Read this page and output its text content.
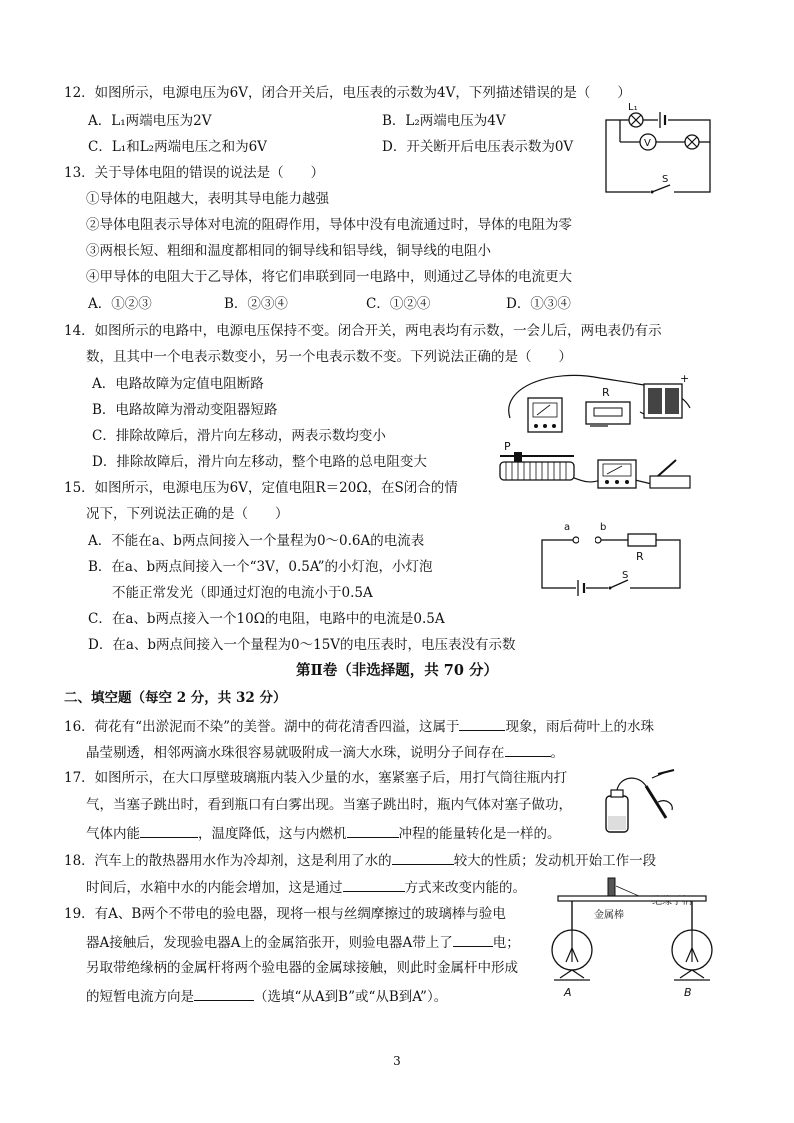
12．如图所示，电源电压为6V，闭合开关后，电压表的示数为4V，下列描述错误的是（　　）
A．L₁两端电压为2V	B．L₂两端电压为4V
C．L₁和L₂两端电压之和为6V	D．开关断开后电压表示数为0V
L₁
V
S
13．关于导体电阻的错误的说法是（　　）
①导体的电阻越大，表明其导电能力越强
②导体电阻表示导体对电流的阻碍作用，导体中没有电流通过时，导体的电阻为零
③两根长短、粗细和温度都相同的铜导线和铝导线，铜导线的电阻小
④甲导体的电阻大于乙导体，将它们串联到同一电路中，则通过乙导体的电流更大
A．①②③	B．②③④	C．①②④	D．①③④
14．如图所示的电路中，电源电压保持不变。闭合开关，两电表均有示数，一会儿后，两电表仍有示
数，且其中一个电表示数变小，另一个电表示数不变。下列说法正确的是（　　）
A．电路故障为定值电阻断路
B．电路故障为滑动变阻器短路
C．排除故障后，滑片向左移动，两表示数均变小
D．排除故障后，滑片向左移动，整个电路的总电阻变大
R
+
P
15．如图所示，电源电压为6V，定值电阻R＝20Ω，在S闭合的情
况下，下列说法正确的是（　　）
A．不能在a、b两点间接入一个量程为0～0.6A的电流表
B．在a、b两点间接入一个“3V，0.5A”的小灯泡，小灯泡
不能正常发光（即通过灯泡的电流小于0.5A
C．在a、b两点接入一个10Ω的电阻，电路中的电流是0.5A
D．在a、b两点间接入一个量程为0～15V的电压表时，电压表没有示数
a	b
R
S
第Ⅱ卷（非选择题，共 70 分）
二、填空题（每空 2 分，共 32 分）
16．荷花有“出淤泥而不染”的美誉。湖中的荷花清香四溢，这属于	现象，雨后荷叶上的水珠
晶莹剔透，相邻两滴水珠很容易就吸附成一滴大水珠，说明分子间存在	。
17．如图所示，在大口厚壁玻璃瓶内装入少量的水，塞紧塞子后，用打气筒往瓶内打
气，当塞子跳出时，看到瓶口有白雾出现。当塞子跳出时，瓶内气体对塞子做功，
气体内能	，温度降低，这与内燃机	冲程的能量转化是一样的。
18．汽车上的散热器用水作为冷却剂，这是利用了水的	较大的性质；发动机开始工作一段
时间后，水箱中水的内能会增加，这是通过	方式来改变内能的。
19．有A、B两个不带电的验电器，现将一根与丝绸摩擦过的玻璃棒与验电
器A接触后，发现验电器A上的金属箔张开，则验电器A带上了	电；
另取带绝缘柄的金属杆将两个验电器的金属球接触，则此时金属杆中形成
的短暂电流方向是	（选填“从A到B”或“从B到A”）。
金属棒
A	B
3
